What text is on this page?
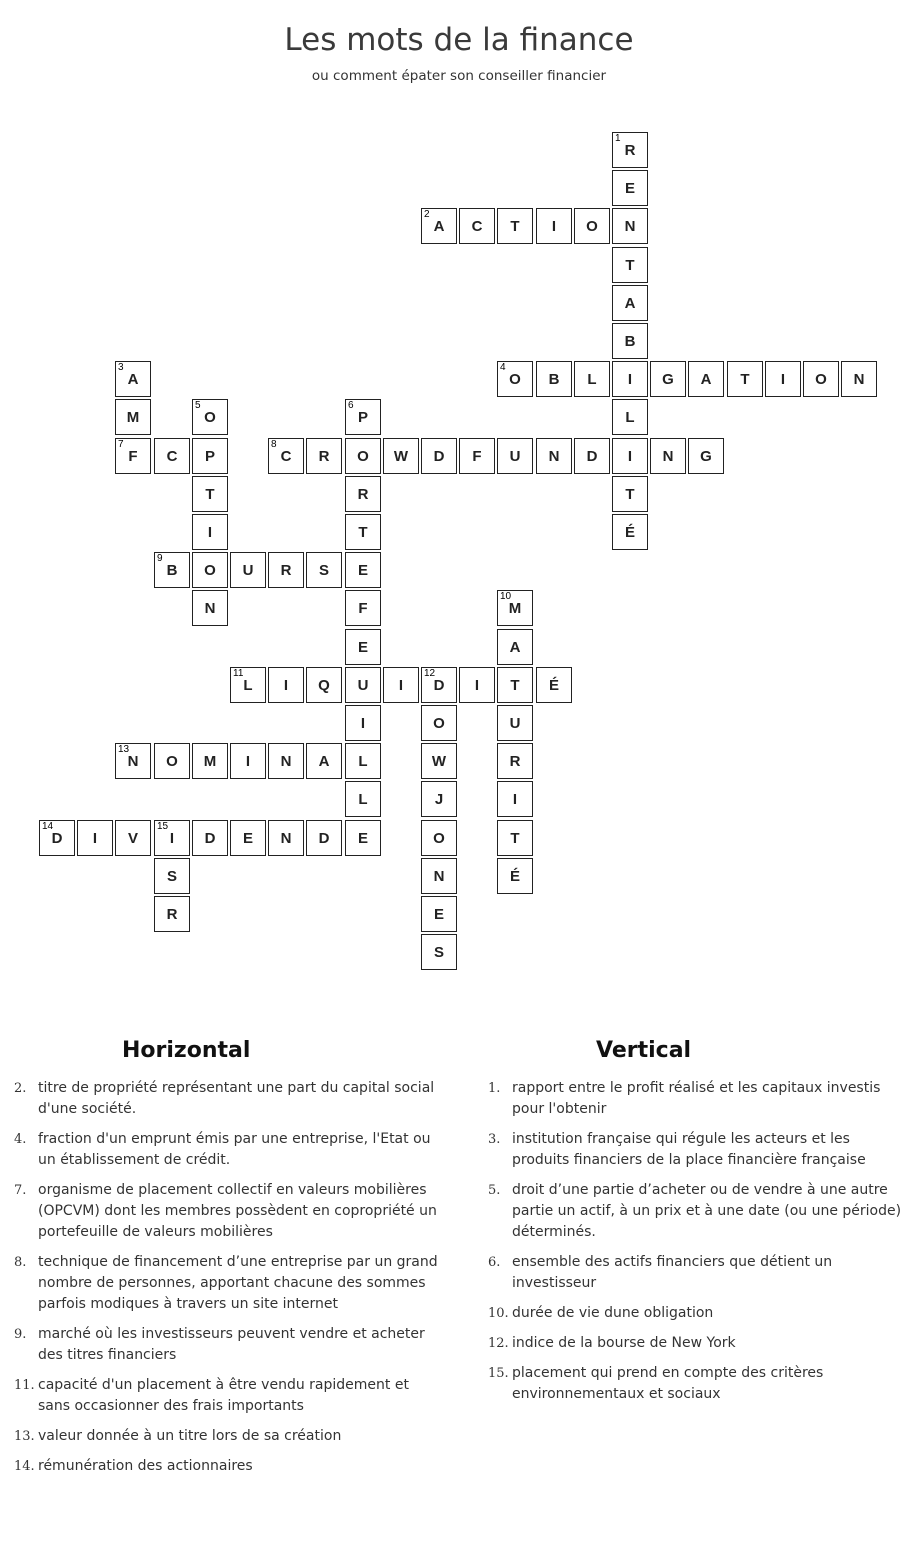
Les mots de la finance
ou comment épater son conseiller financier
1
R
E
N
T
A
B
I
L
I
T
É
2
A	C	T	I	O
3
A
M
7
F
4
O	B	L	G	A	T	I	O	N
5
O
P
T
I
O
N
6
P
O
R
T
E
F
E
U
I
L
L
E
C
8
C	R	W	D	F	U	N	D	N	G
9
B	U	R	S
10
M
A
T
U
R
I
T
É
11
L	I	Q	I
12
D	I	É
O
W
J
O
N
E
S
13
N	O	M	I	N	A
14
D	I	V
15
I	D	E	N	D
S
R
Horizontal	Vertical
2. titre de propriété représentant une part du capital social d'une société.
4. fraction d'un emprunt émis par une entreprise, l'Etat ou un établissement de crédit.
7. organisme de placement collectif en valeurs mobilières (OPCVM) dont les membres possèdent en copropriété un portefeuille de valeurs mobilières
8. technique de financement d’une entreprise par un grand nombre de personnes, apportant chacune des sommes parfois modiques à travers un site internet
9. marché où les investisseurs peuvent vendre et acheter des titres financiers
11. capacité d'un placement à être vendu rapidement et sans occasionner des frais importants
13. valeur donnée à un titre lors de sa création
14. rémunération des actionnaires
1. rapport entre le profit réalisé et les capitaux investis pour l'obtenir
3. institution française qui régule les acteurs et les produits financiers de la place financière française
5. droit d’une partie d’acheter ou de vendre à une autre partie un actif, à un prix et à une date (ou une période) déterminés.
6. ensemble des actifs financiers que détient un investisseur
10. durée de vie dune obligation
12. indice de la bourse de New York
15. placement qui prend en compte des critères environnementaux et sociaux
